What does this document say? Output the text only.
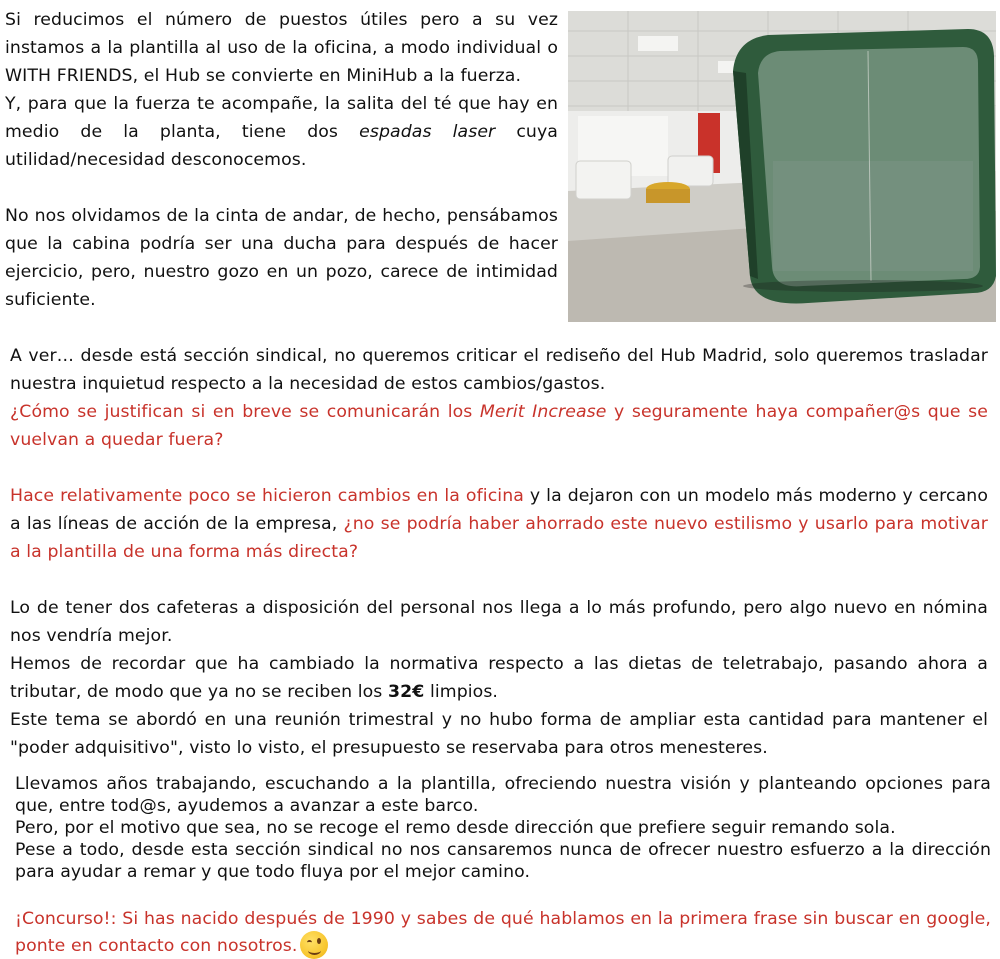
Si reducimos el número de puestos útiles pero a su vez instamos a la plantilla al uso de la oficina, a modo individual o WITH FRIENDS, el Hub se convierte en MiniHub a la fuerza.
Y, para que la fuerza te acompañe, la salita del té que hay en medio de la planta, tiene dos espadas laser cuya utilidad/necesidad desconocemos.
No nos olvidamos de la cinta de andar, de hecho, pensábamos que la cabina podría ser una ducha para después de hacer ejercicio, pero, nuestro gozo en un pozo, carece de intimidad suficiente.
A ver… desde está sección sindical, no queremos criticar el rediseño del Hub Madrid, solo queremos trasladar nuestra inquietud respecto a la necesidad de estos cambios/gastos.
¿Cómo se justifican si en breve se comunicarán los Merit Increase y seguramente haya compañer@s que se vuelvan a quedar fuera?
Hace relativamente poco se hicieron cambios en la oficina y la dejaron con un modelo más moderno y cercano a las líneas de acción de la empresa, ¿no se podría haber ahorrado este nuevo estilismo y usarlo para motivar a la plantilla de una forma más directa?
Lo de tener dos cafeteras a disposición del personal nos llega a lo más profundo, pero algo nuevo en nómina nos vendría mejor.
Hemos de recordar que ha cambiado la normativa respecto a las dietas de teletrabajo, pasando ahora a tributar, de modo que ya no se reciben los 32€ limpios.
Este tema se abordó en una reunión trimestral y no hubo forma de ampliar esta cantidad para mantener el "poder adquisitivo", visto lo visto, el presupuesto se reservaba para otros menesteres.
Llevamos años trabajando, escuchando a la plantilla, ofreciendo nuestra visión y planteando opciones para que, entre tod@s, ayudemos a avanzar a este barco.
Pero, por el motivo que sea, no se recoge el remo desde dirección que prefiere seguir remando sola.
Pese a todo, desde esta sección sindical no nos cansaremos nunca de ofrecer nuestro esfuerzo a la dirección para ayudar a remar y que todo fluya por el mejor camino.
¡Concurso!: Si has nacido después de 1990 y sabes de qué hablamos en la primera frase sin buscar en google, ponte en contacto con nosotros.
